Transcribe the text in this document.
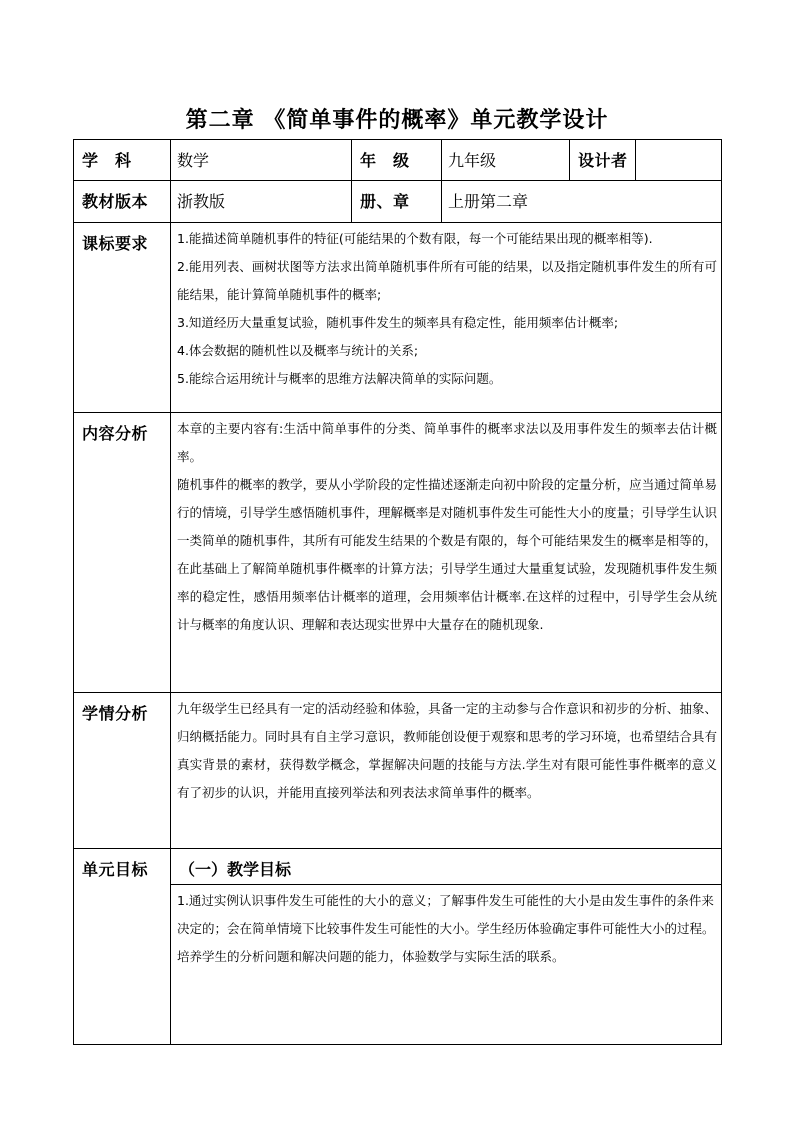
第二章 《简单事件的概率》单元教学设计
学　科	数学	年　级	九年级	设计者	
教材版本	浙教版	册、章	上册第二章		
课标要求	1.能描述简单随机事件的特征(可能结果的个数有限，每一个可能结果出现的概率相等).

2.能用列表、画树状图等方法求出简单随机事件所有可能的结果，以及指定随机事件发生的所有可能结果，能计算简单随机事件的概率;

3.知道经历大量重复试验，随机事件发生的频率具有稳定性，能用频率估计概率;

4.体会数据的随机性以及概率与统计的关系;

5.能综合运用统计与概率的思维方法解决简单的实际问题。				

内容分析	本章的主要内容有:生活中简单事件的分类、简单事件的概率求法以及用事件发生的频率去估计概率。

随机事件的概率的教学，要从小学阶段的定性描述逐渐走向初中阶段的定量分析，应当通过简单易行的情境，引导学生感悟随机事件，理解概率是对随机事件发生可能性大小的度量；引导学生认识一类简单的随机事件，其所有可能发生结果的个数是有限的，每个可能结果发生的概率是相等的，在此基础上了解简单随机事件概率的计算方法；引导学生通过大量重复试验，发现随机事件发生频率的稳定性，感悟用频率估计概率的道理，会用频率估计概率.在这样的过程中，引导学生会从统计与概率的角度认识、理解和表达现实世界中大量存在的随机现象.				

学情分析	九年级学生已经具有一定的活动经验和体验，具备一定的主动参与合作意识和初步的分析、抽象、归纳概括能力。同时具有自主学习意识，教师能创设便于观察和思考的学习环境，也希望结合具有真实背景的素材，获得数学概念，掌握解决问题的技能与方法.学生对有限可能性事件概率的意义有了初步的认识，并能用直接列举法和列表法求简单事件的概率。				

单元目标	（一）教学目标

1.通过实例认识事件发生可能性的大小的意义；了解事件发生可能性的大小是由发生事件的条件来决定的；会在简单情境下比较事件发生可能性的大小。学生经历体验确定事件可能性大小的过程。培养学生的分析问题和解决问题的能力，体验数学与实际生活的联系。				
